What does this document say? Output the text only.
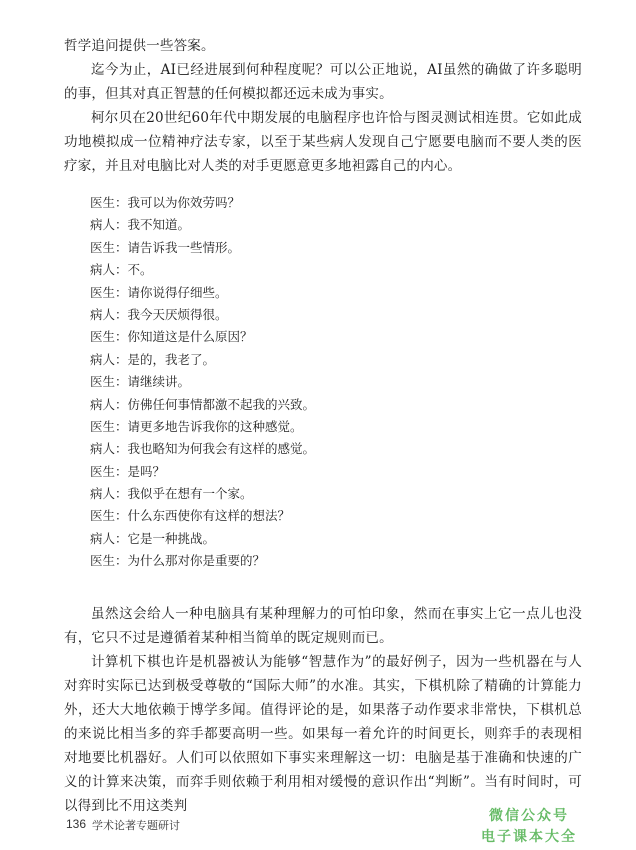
哲学追问提供一些答案。

迄今为止，AI已经进展到何种程度呢？可以公正地说，AI虽然的确做了许多聪明的事，但其对真正智慧的任何模拟都还远未成为事实。

柯尔贝在20世纪60年代中期发展的电脑程序也许恰与图灵测试相连贯。它如此成功地模拟成一位精神疗法专家，以至于某些病人发现自己宁愿要电脑而不要人类的医疗家，并且对电脑比对人类的对手更愿意更多地袒露自己的内心。

医生：我可以为你效劳吗？
病人：我不知道。
医生：请告诉我一些情形。
病人：不。
医生：请你说得仔细些。
病人：我今天厌烦得很。
医生：你知道这是什么原因？
病人：是的，我老了。
医生：请继续讲。
病人：仿佛任何事情都激不起我的兴致。
医生：请更多地告诉我你的这种感觉。
病人：我也略知为何我会有这样的感觉。
医生：是吗？
病人：我似乎在想有一个家。
医生：什么东西使你有这样的想法？
病人：它是一种挑战。
医生：为什么那对你是重要的？

虽然这会给人一种电脑具有某种理解力的可怕印象，然而在事实上它一点儿也没有，它只不过是遵循着某种相当简单的既定规则而已。

计算机下棋也许是机器被认为能够“智慧作为”的最好例子，因为一些机器在与人对弈时实际已达到极受尊敬的“国际大师”的水准。其实，下棋机除了精确的计算能力外，还大大地依赖于博学多闻。值得评论的是，如果落子动作要求非常快，下棋机总的来说比相当多的弈手都要高明一些。如果每一着允许的时间更长，则弈手的表现相对地要比机器好。人们可以依照如下事实来理解这一切：电脑是基于准确和快速的广义的计算来决策，而弈手则依赖于利用相对缓慢的意识作出“判断”。当有时间时，可以得到比不用这类判

136 学术论著专题研讨
微信公众号
电子课本大全
